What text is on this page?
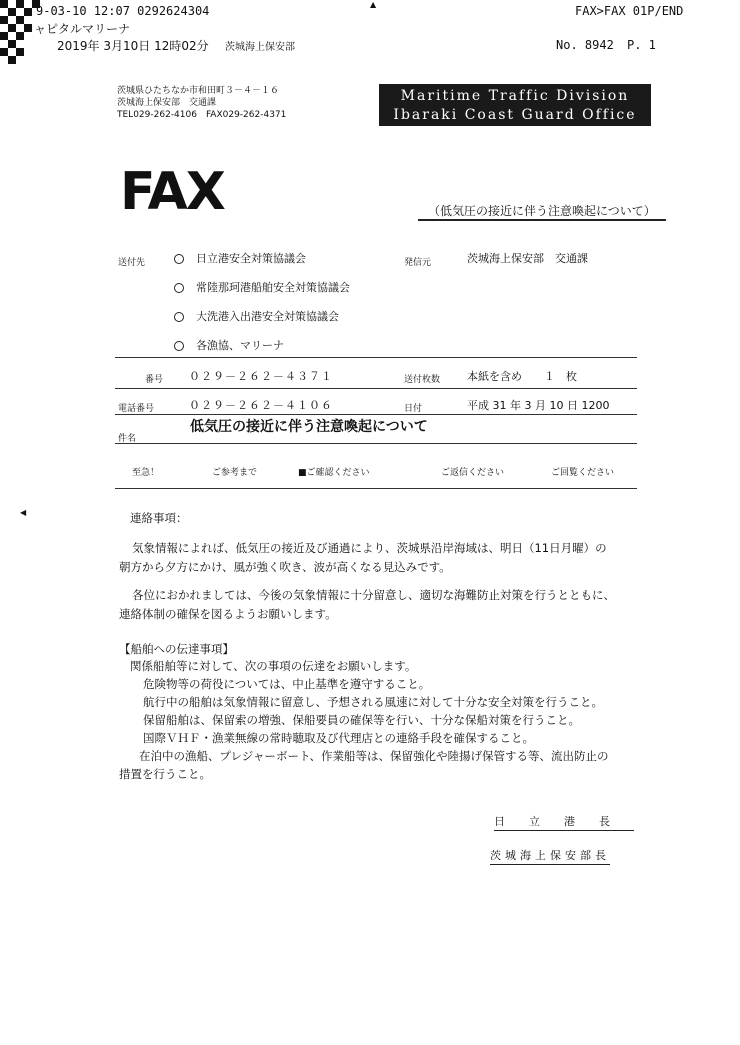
9-03-10 12:07 0292624304	▲	FAX>FAX 01P/END
ャピタルマリーナ
2019年 3月10日 12時02分 茨城海上保安部	No. 8942 P. 1
茨城県ひたちなか市和田町３－４－１６
茨城海上保安部　交通課
TEL029-262-4106　FAX029-262-4371
Maritime Traffic Division
Ibaraki Coast Guard Office
FAX	（低気圧の接近に伴う注意喚起について）
送付先	日立港安全対策協議会
常陸那珂港船舶安全対策協議会
大洗港入出港安全対策協議会
各漁協、マリーナ
発信元	茨城海上保安部　交通課
番号 ０２９－２６２－４３７１	送付枚数 本紙を含め　　１　枚
電話番号	０２９－２６２－４１０６	日付	平成 31 年 3 月 10 日 1200
件名
低気圧の接近に伴う注意喚起について
至急！	ご参考まで	■ご確認ください	ご返信ください	ご回覧ください
◀	連絡事項：
気象情報によれば、低気圧の接近及び通過により、茨城県沿岸海域は、明日（11日月曜）の
朝方から夕方にかけ、風が強く吹き、波が高くなる見込みです。
各位におかれましては、今後の気象情報に十分留意し、適切な海難防止対策を行うとともに、
連絡体制の確保を図るようお願いします。
【船舶への伝達事項】
関係船舶等に対して、次の事項の伝達をお願いします。
危険物等の荷役については、中止基準を遵守すること。
航行中の船舶は気象情報に留意し、予想される風速に対して十分な安全対策を行うこと。
保留船舶は、保留索の増強、保船要員の確保等を行い、十分な保船対策を行うこと。
国際ＶＨＦ・漁業無線の常時聴取及び代理店との連絡手段を確保すること。
在泊中の漁船、プレジャーボート、作業船等は、保留強化や陸揚げ保管する等、流出防止の
措置を行うこと。
日立港長
茨城海上保安部長
